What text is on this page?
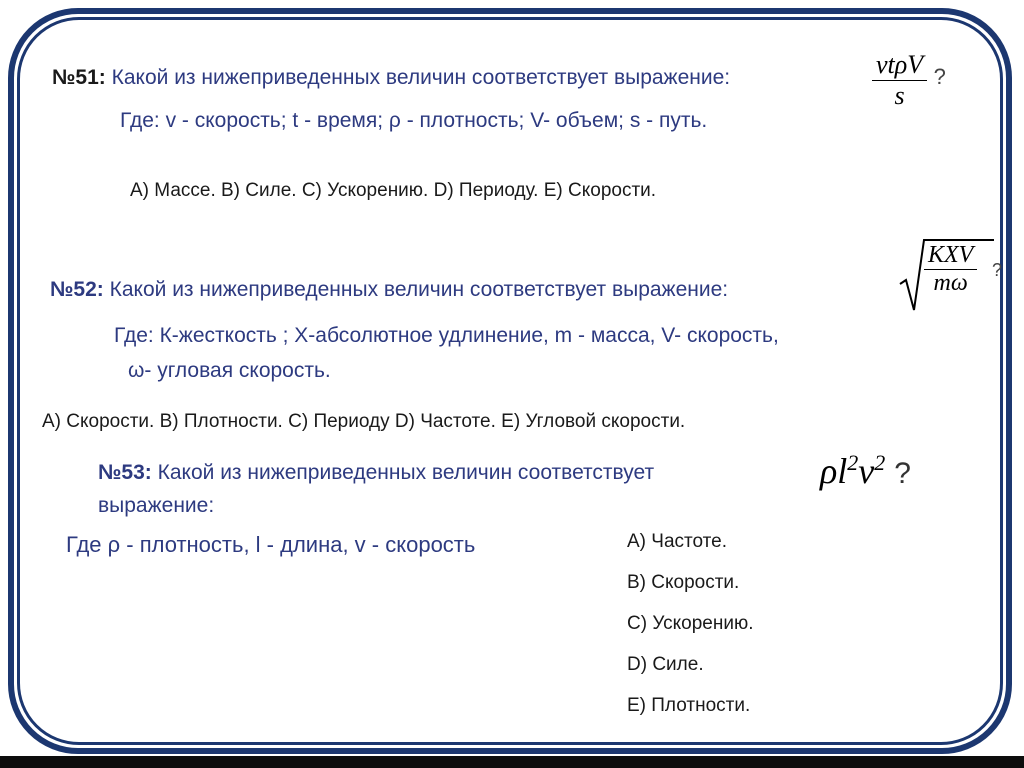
№51: Какой из нижеприведенных величин соответствует выражение:	$\frac{\text{vtρV}}{s}$ ?
Где: v - скорость; t - время; ρ - плотность; V- объем; s - путь.
A) Массе. B) Силе. C) Ускорению. D) Периоду. E) Скорости.
№52: Какой из нижеприведенных величин соответствует выражение:
KXV
mω	?
Где: К-жесткость ; Х-абсолютное удлинение, m - масса, V- скорость,
ω- угловая скорость.
A) Скорости. B) Плотности. C) Периоду D) Частоте. E) Угловой скорости.
№53: Какой из нижеприведенных величин соответствует
выражение:
$\rho l^2v^2$ ?
Где ρ - плотность, l - длина, v - скорость	A) Частоте.
B) Скорости.
C) Ускорению.
D) Силе.
E) Плотности.
